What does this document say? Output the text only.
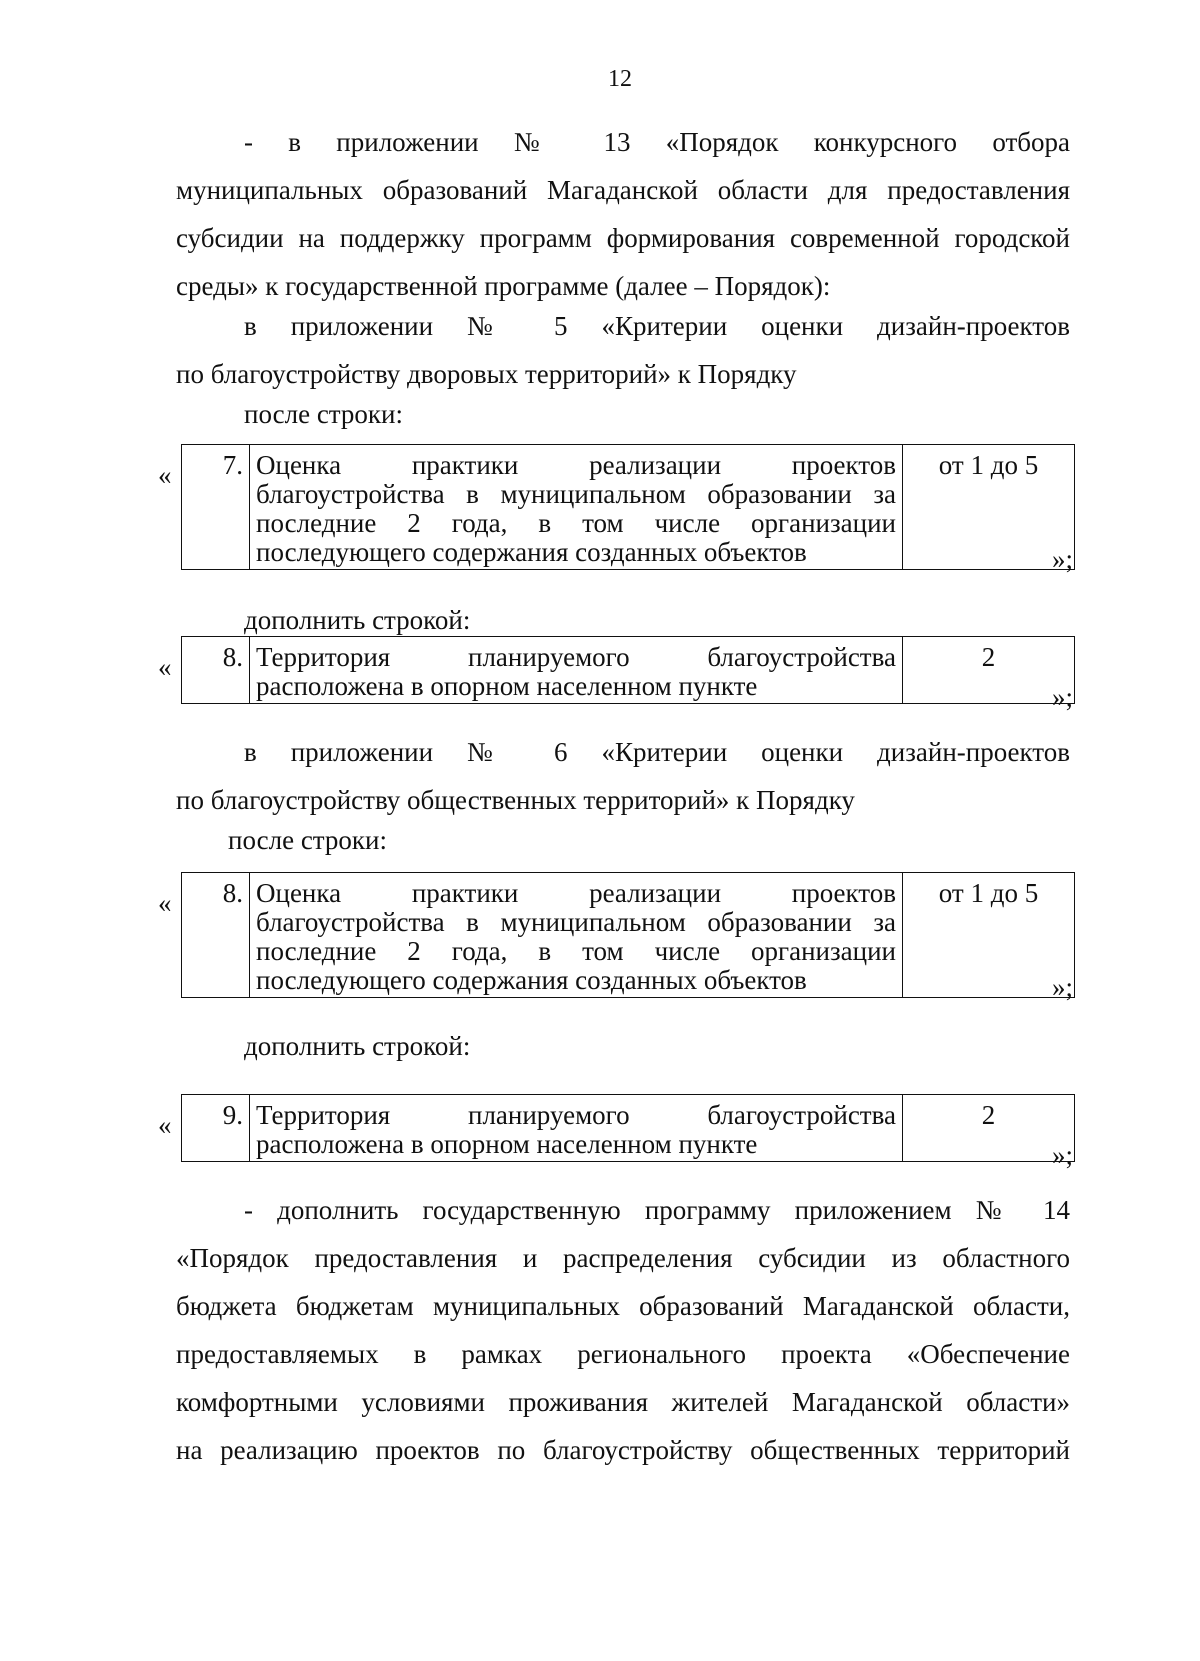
12
- в приложении № 13 «Порядок конкурсного отбора
муниципальных образований Магаданской области для предоставления
субсидии на поддержку программ формирования современной городской
среды» к государственной программе (далее – Порядок):
в приложении № 5 «Критерии оценки дизайн-проектов
по благоустройству дворовых территорий» к Порядку
после строки:
« 7.	Оценка практики реализации проектов
благоустройства в муниципальном образовании за
последние 2 года, в том числе организации
последующего содержания созданных объектов
	от 1 до 5
»;
дополнить строкой:
« 8.	Территория планируемого благоустройства
расположена в опорном населенном пункте
	2
»;
в приложении № 6 «Критерии оценки дизайн-проектов
по благоустройству общественных территорий» к Порядку
после строки:
« 8.	Оценка практики реализации проектов
благоустройства в муниципальном образовании за
последние 2 года, в том числе организации
последующего содержания созданных объектов
	от 1 до 5
»;
дополнить строкой:
« 9.	Территория планируемого благоустройства
расположена в опорном населенном пункте
	2
»;
- дополнить государственную программу приложением № 14
«Порядок предоставления и распределения субсидии из областного
бюджета бюджетам муниципальных образований Магаданской области,
предоставляемых в рамках регионального проекта «Обеспечение
комфортными условиями проживания жителей Магаданской области»
на реализацию проектов по благоустройству общественных территорий
